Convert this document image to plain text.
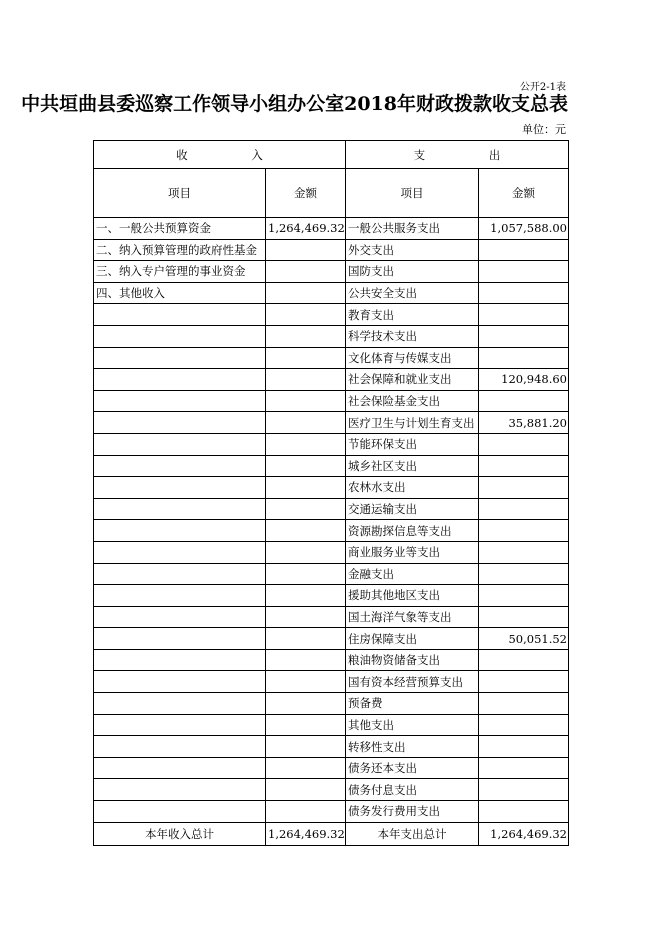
公开2-1表
中共垣曲县委巡察工作领导小组办公室2018年财政拨款收支总表
单位：元
收 入		支 出	
项目	金额	项目	金额
一、一般公共预算资金	1,264,469.32	一般公共服务支出	1,057,588.00
二、纳入预算管理的政府性基金		外交支出	
三、纳入专户管理的事业资金		国防支出	
四、其他收入		公共安全支出	
		教育支出	
		科学技术支出	
		文化体育与传媒支出	
		社会保障和就业支出	120,948.60
		社会保险基金支出	
		医疗卫生与计划生育支出	35,881.20
		节能环保支出	
		城乡社区支出	
		农林水支出	
		交通运输支出	
		资源勘探信息等支出	
		商业服务业等支出	
		金融支出	
		援助其他地区支出	
		国土海洋气象等支出	
		住房保障支出	50,051.52
		粮油物资储备支出	
		国有资本经营预算支出	
		预备费	
		其他支出	
		转移性支出	
		债务还本支出	
		债务付息支出	
		债务发行费用支出	
本年收入总计	1,264,469.32	本年支出总计	1,264,469.32
